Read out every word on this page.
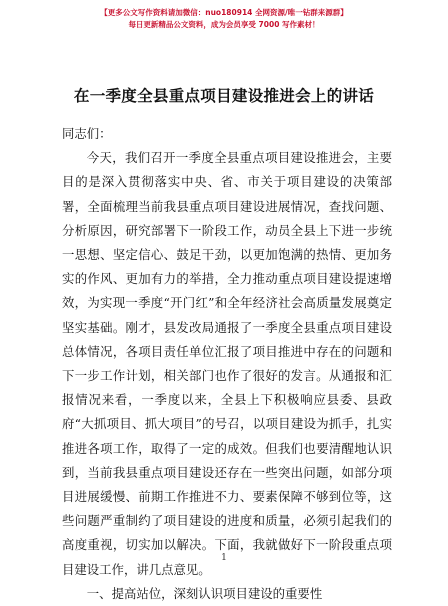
【更多公文写作资料请加微信：nuo180914 全网资源/唯一钻群来源群】
每日更新精品公文资料，成为会员享受 7000 写作素材！
在一季度全县重点项目建设推进会上的讲话

同志们：

今天，我们召开一季度全县重点项目建设推进会，主要目的是深入贯彻落实中央、省、市关于项目建设的决策部署，全面梳理当前我县重点项目建设进展情况，查找问题、分析原因，研究部署下一阶段工作，动员全县上下进一步统一思想、坚定信心、鼓足干劲，以更加饱满的热情、更加务实的作风、更加有力的举措，全力推动重点项目建设提速增效，为实现一季度“开门红”和全年经济社会高质量发展奠定坚实基础。刚才，县发改局通报了一季度全县重点项目建设总体情况，各项目责任单位汇报了项目推进中存在的问题和下一步工作计划，相关部门也作了很好的发言。从通报和汇报情况来看，一季度以来，全县上下积极响应县委、县政府“大抓项目、抓大项目”的号召，以项目建设为抓手，扎实推进各项工作，取得了一定的成效。但我们也要清醒地认识到，当前我县重点项目建设还存在一些突出问题，如部分项目进展缓慢、前期工作推进不力、要素保障不够到位等，这些问题严重制约了项目建设的进度和质量，必须引起我们的高度重视，切实加以解决。下面，我就做好下一阶段重点项目建设工作，讲几点意见。

一、提高站位，深刻认识项目建设的重要性

1
